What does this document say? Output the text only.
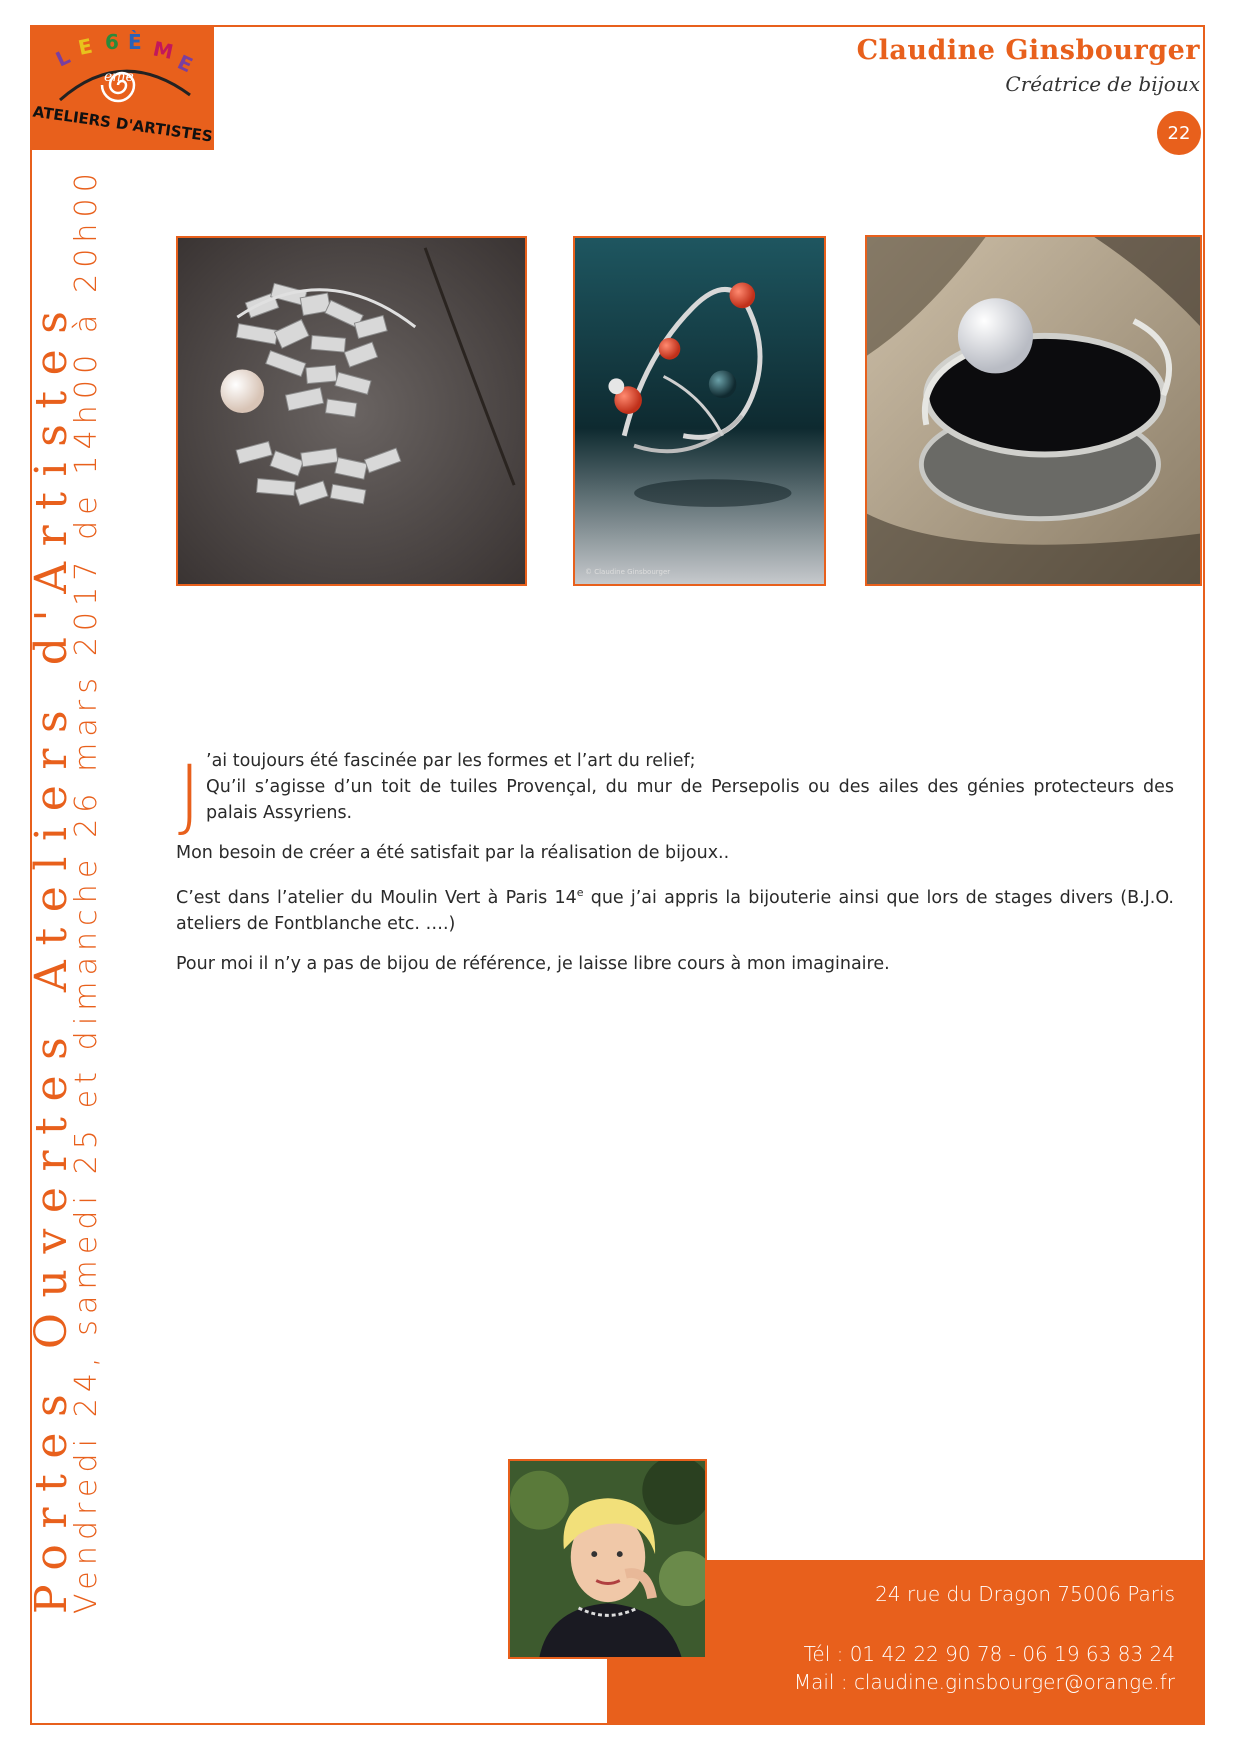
L E 6 È M
E
eme
ATELIERS D'ARTISTES
Claudine Ginsbourger
Créatrice de bijoux
22
Portes Ouvertes Ateliers d'Artistes
Vendredi 24, samedi 25 et dimanche 26 mars 2017 de 14h00 à 20h00	© Claudine Ginsbourger
J ’ai toujours été fascinée par les formes et l’art du relief;
Qu’il s’agisse d’un toit de tuiles Provençal, du mur de Persepolis ou des ailes des génies protecteurs des palais Assyriens.

Mon besoin de créer a été satisfait par la réalisation de bijoux..

C’est dans l’atelier du Moulin Vert à Paris 14e que j’ai appris la bijouterie ainsi que lors de stages divers (B.J.O. ateliers de Fontblanche etc. ….)

Pour moi il n’y a pas de bijou de référence, je laisse libre cours à mon imaginaire.

24 rue du Dragon 75006 Paris
Tél : 01 42 22 90 78 - 06 19 63 83 24
Mail : claudine.ginsbourger@orange.fr
